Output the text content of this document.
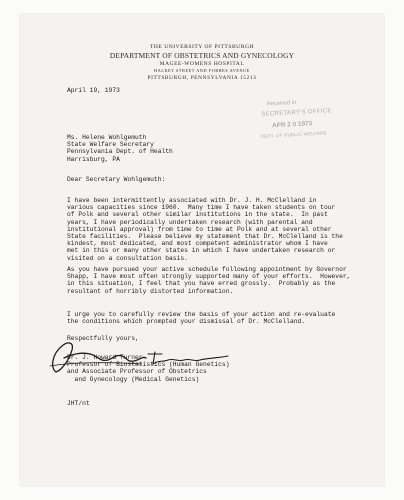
THE UNIVERSITY OF PITTSBURGH
DEPARTMENT OF OBSTETRICS AND GYNECOLOGY
MAGEE-WOMENS HOSPITAL
HALKET STREET AND FORBES AVENUE
PITTSBURGH, PENNSYLVANIA 15213
April 19, 1973
Received in
SECRETARY'S OFFICE
APR 2 0 1973
DEPT. OF PUBLIC WELFARE
Ms. Helene Wohlgemuth
State Welfare Secretary
Pennsylvania Dept. of Health
Harrisburg, PA
Dear Secretary Wohlgemuth:
I have been intermittently associated with Dr. J. H. McClelland in
various capacities since 1960.  Many time I have taken students on tour
of Polk and several other similar institutions in the state.  In past
years, I have periodically undertaken research (with parental and
institutional approval) from time to time at Polk and at several other
State facilities.  Please believe my statement that Dr. McClelland is the
kindest, most dedicated, and most competent administrator whom I have
met in this or many other states in which I have undertaken research or
visited on a consultation basis.
As you have pursued your active schedule following appointment by Governor
Shapp, I have most often strongly supported many of your efforts.  However,
in this situation, I feel that you have erred grossly.  Probably as the
resultant of horribly distorted information.
I urge you to carefully review the basis of your action and re-evaluate
the conditions which prompted your dismissal of Dr. McClelland.
Respectfully yours,
Dr. J. Howard Turner
Professor of Biostatistics (Human Genetics)
and Associate Professor of Obstetrics
and Gynecology (Medical Genetics)
JHT/nt
